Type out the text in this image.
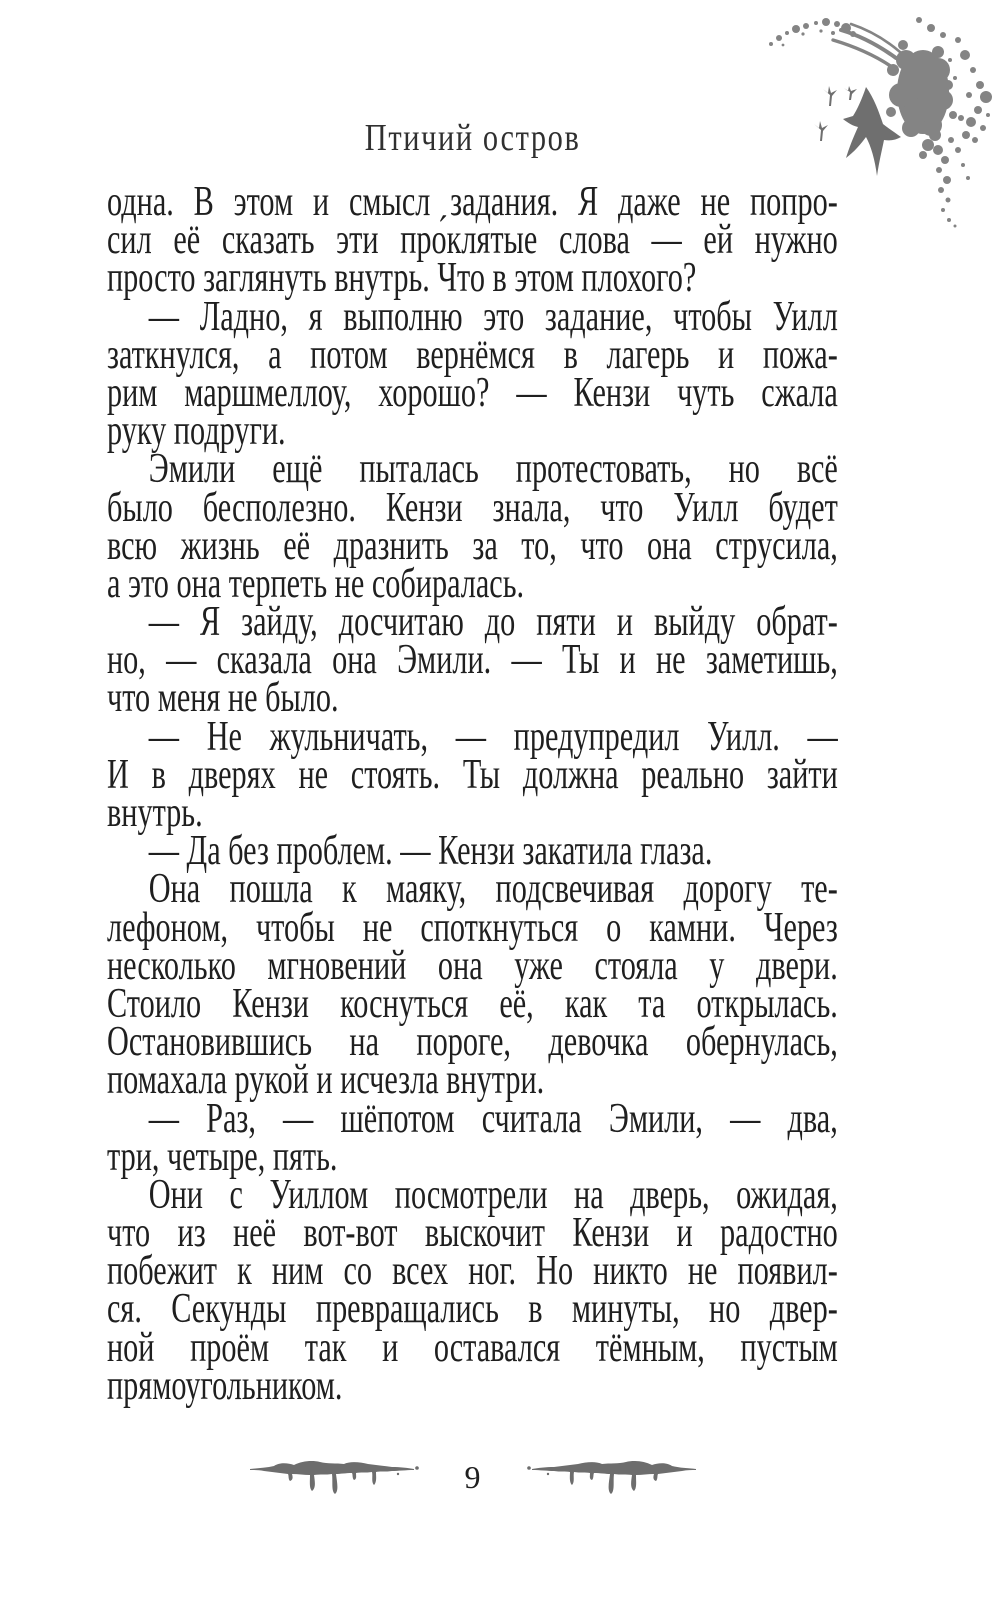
Птичий остров
одна. В этом и смысл задания. Я даже не попро-
сил её сказать эти про́клятые слова — ей нужно
просто заглянуть внутрь. Что в этом плохого?
— Ладно, я выполню это задание, чтобы Уилл
заткнулся, а потом вернёмся в лагерь и пожа-
рим маршмеллоу, хорошо? — Кензи чуть сжала
руку подруги.
Эмили ещё пыталась протестовать, но всё
было бесполезно. Кензи знала, что Уилл будет
всю жизнь её дразнить за то, что она струсила,
а это она терпеть не собиралась.
— Я зайду, досчитаю до пяти и выйду обрат-
но, — сказала она Эмили. — Ты и не заметишь,
что меня не было.
— Не жульничать, — предупредил Уилл. —
И в дверях не стоять. Ты должна реально зайти
внутрь.
— Да без проблем. — Кензи закатила глаза.
Она пошла к маяку, подсвечивая дорогу те-
лефоном, чтобы не споткнуться о камни. Через
несколько мгновений она уже стояла у двери.
Стоило Кензи коснуться её, как та открылась.
Остановившись на пороге, девочка обернулась,
помахала рукой и исчезла внутри.
— Раз, — шёпотом считала Эмили, — два,
три, четыре, пять.
Они с Уиллом посмотрели на дверь, ожидая,
что из неё вот-вот выскочит Кензи и радостно
побежит к ним со всех ног. Но никто не появил-
ся. Секунды превращались в минуты, но двер-
ной проём так и оставался тёмным, пустым
прямоугольником.
9
